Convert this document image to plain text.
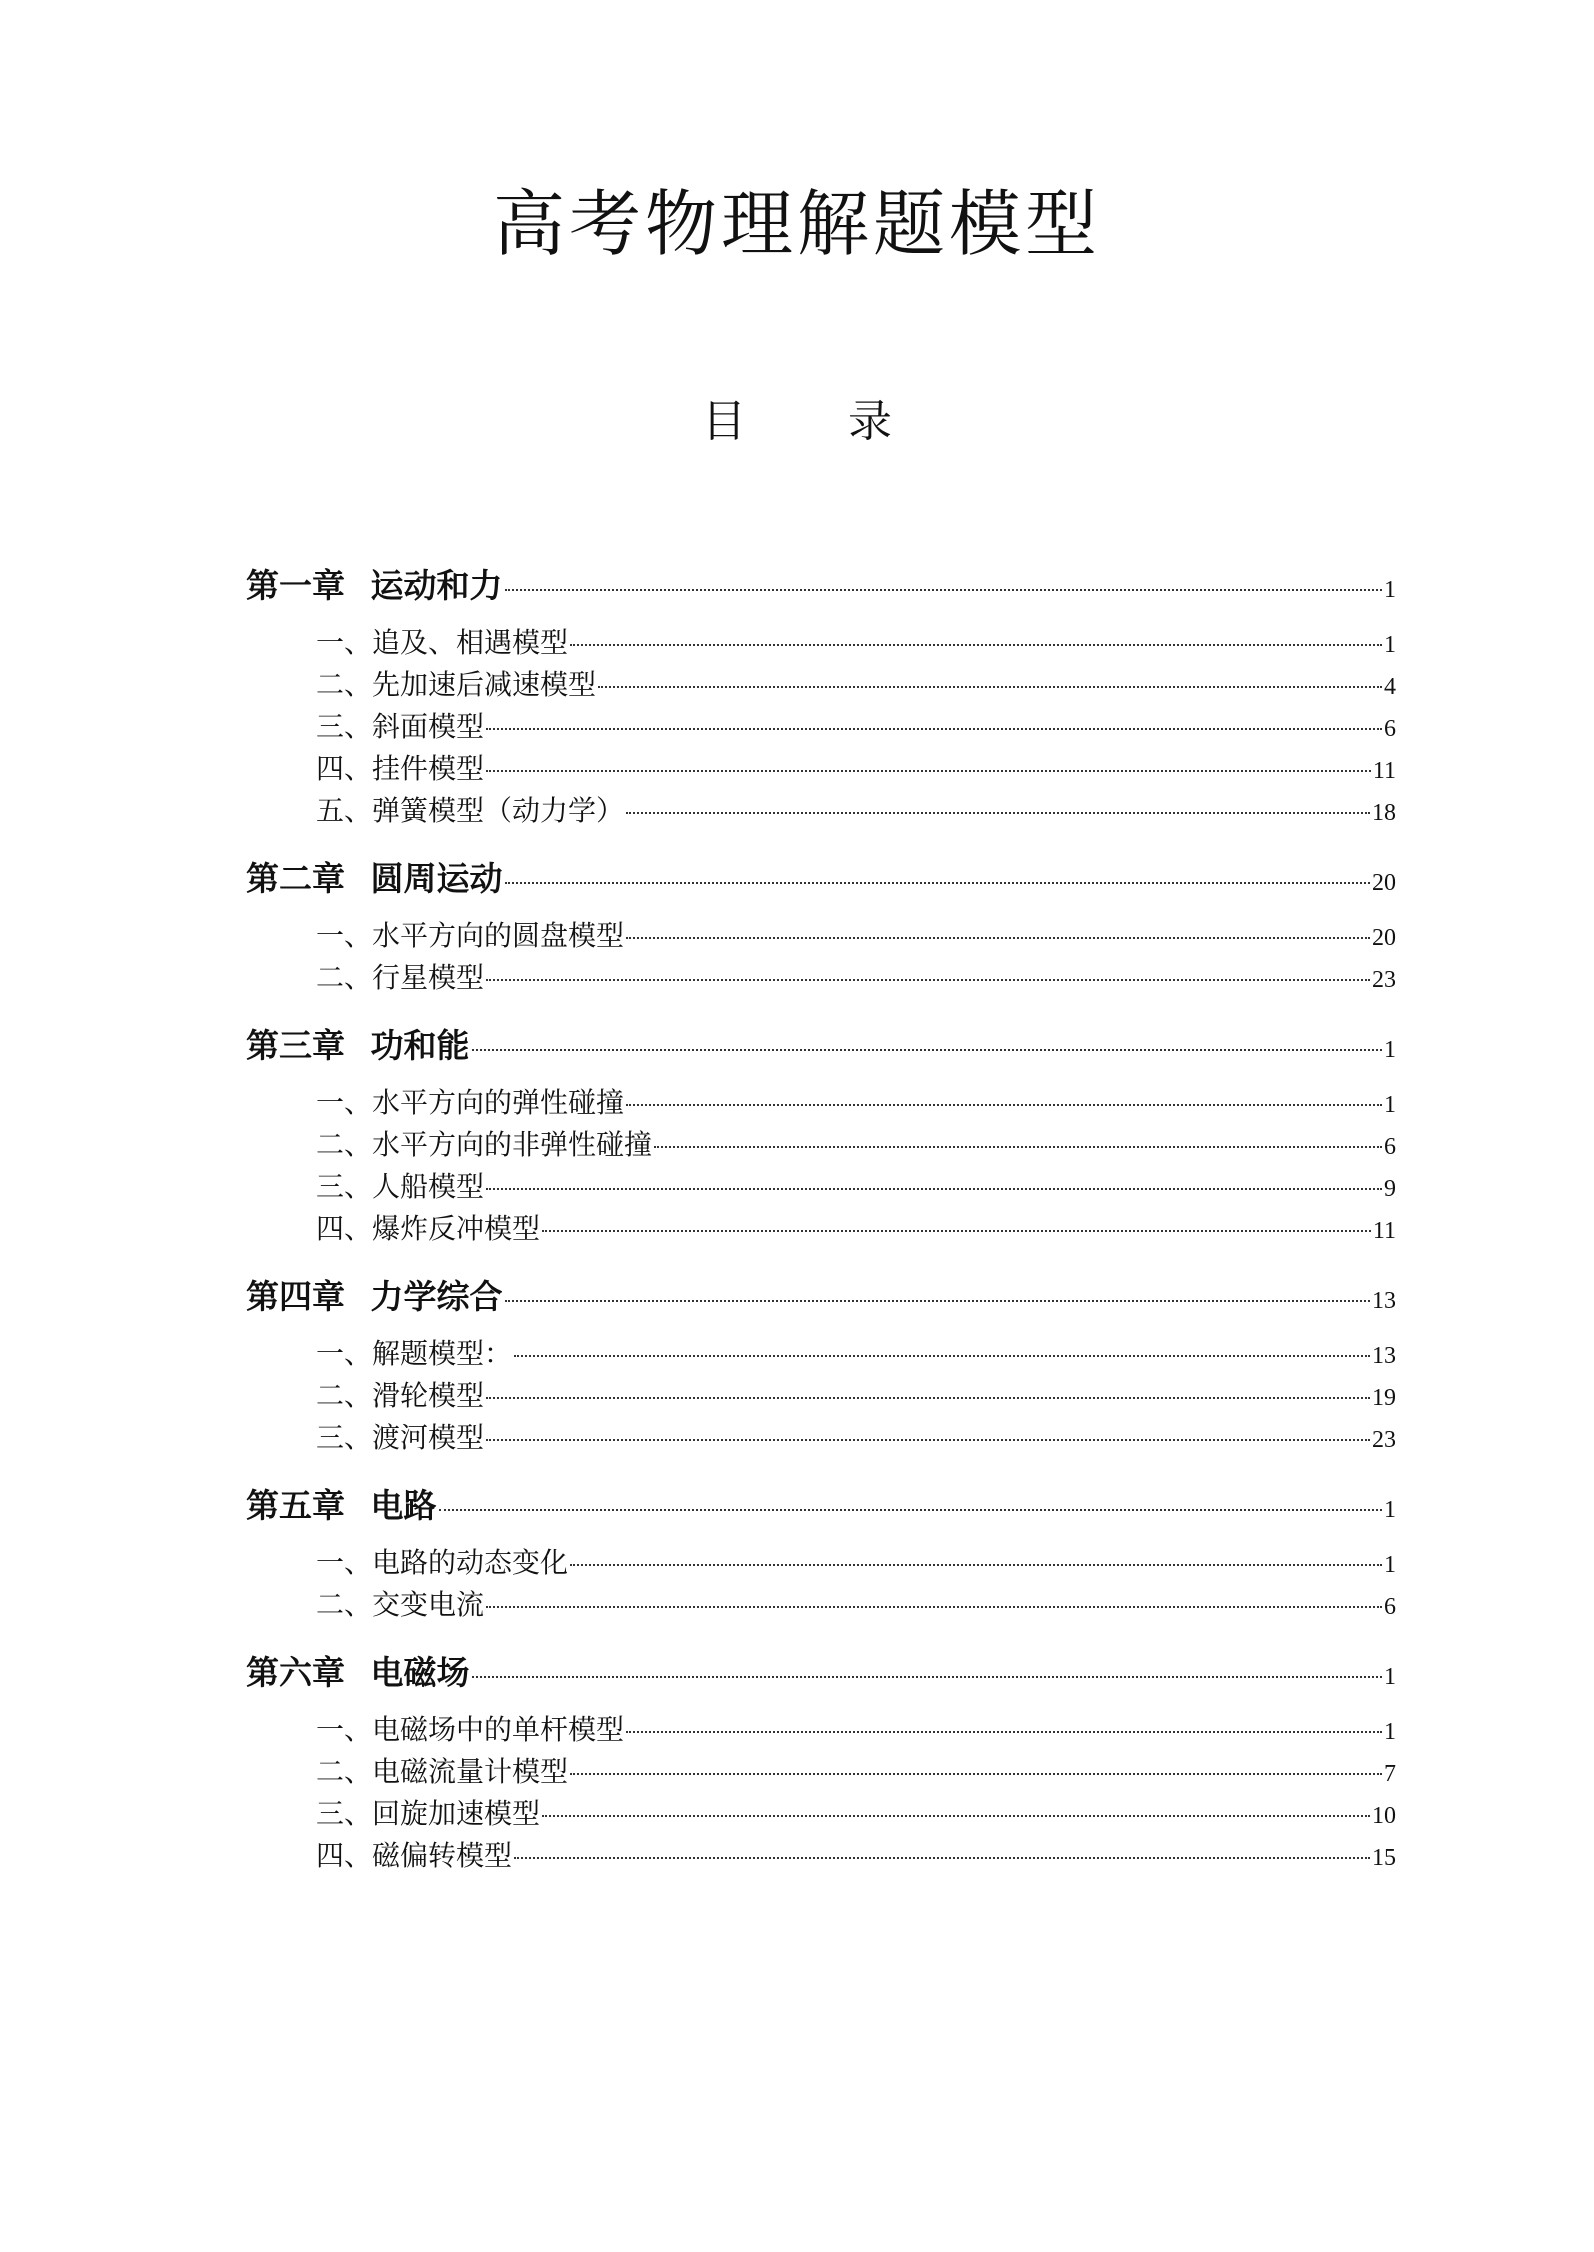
高考物理解题模型
目 录
第一章 运动和力	1
一、追及、相遇模型	1
二、先加速后减速模型	4
三、斜面模型	6
四、挂件模型	11
五、弹簧模型（动力学）	18
第二章 圆周运动	20
一、水平方向的圆盘模型	20
二、行星模型	23
第三章 功和能	1
一、水平方向的弹性碰撞	1
二、水平方向的非弹性碰撞	6
三、人船模型	9
四、爆炸反冲模型	11
第四章 力学综合	13
一、解题模型：	13
二、滑轮模型	19
三、渡河模型	23
第五章 电路	1
一、电路的动态变化	1
二、交变电流	6
第六章 电磁场	1
一、电磁场中的单杆模型	1
二、电磁流量计模型	7
三、回旋加速模型	10
四、磁偏转模型	15
